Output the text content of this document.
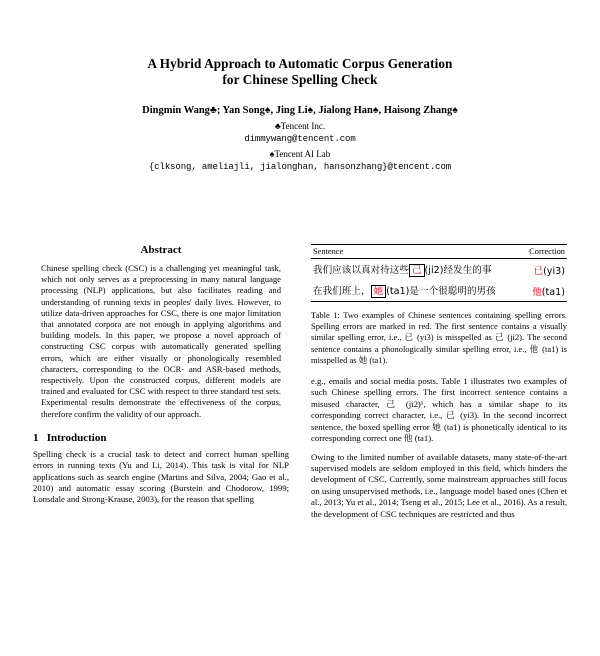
A Hybrid Approach to Automatic Corpus Generation
for Chinese Spelling Check
Dingmin Wang♣; Yan Song♠, Jing Li♠, Jialong Han♠, Haisong Zhang♠
♣Tencent Inc.
dimmywang@tencent.com
♠Tencent AI Lab
{clksong, ameliajli, jialonghan, hansonzhang}@tencent.com
Abstract

Chinese spelling check (CSC) is a challenging yet meaningful task, which not only serves as a preprocessing in many natural language processing (NLP) applications, but also facilitates reading and understanding of running texts in peoples' daily lives. However, to utilize data-driven approaches for CSC, there is one major limitation that annotated corpora are not enough in applying algorithms and building models. In this paper, we propose a novel approach of constructing CSC corpus with automatically generated spelling errors, which are either visually or phonologically resembled characters, corresponding to the OCR- and ASR-based methods, respectively. Upon the constructed corpus, different models are trained and evaluated for CSC with respect to three standard test sets. Experimental results demonstrate the effectiveness of the corpus, therefore confirm the validity of our approach.

1 Introduction

Spelling check is a crucial task to detect and correct human spelling errors in running texts (Yu and Li, 2014). This task is vital for NLP applications such as search engine (Martins and Silva, 2004; Gao et al., 2010) and automatic essay scoring (Burstein and Chodorow, 1999; Lonsdale and Strong-Krause, 2003), for the reason that spelling

Sentence	Correction
我们应该以真对待这些 己 (ji2)经发生的事	已(yi3)
在我们班上， 她 (ta1)是一个很聪明的男孩	他(ta1)

Table 1: Two examples of Chinese sentences containing spelling errors. Spelling errors are marked in red. The first sentence contains a visually similar spelling error, i.e., 已 (yi3) is misspelled as 己 (ji2). The second sentence contains a phonologically similar spelling error, i.e., 他 (ta1) is misspelled as 她 (ta1).

e.g., emails and social media posts. Table 1 illustrates two examples of such Chinese spelling errors. The first incorrect sentence contains a misused character, 己 (ji2)¹, which has a similar shape to its corresponding correct character, i.e., 已 (yi3). In the second incorrect sentence, the boxed spelling error 她 (ta1) is phonetically identical to its corresponding correct one 他 (ta1).

Owing to the limited number of available datasets, many state-of-the-art supervised models are seldom employed in this field, which hinders the development of CSC. Currently, some mainstream approaches still focus on using unsupervised methods, i.e., language model based ones (Chen et al., 2013; Yu et al., 2014; Tseng et al., 2015; Lee et al., 2016). As a result, the development of CSC techniques are restricted and thus
